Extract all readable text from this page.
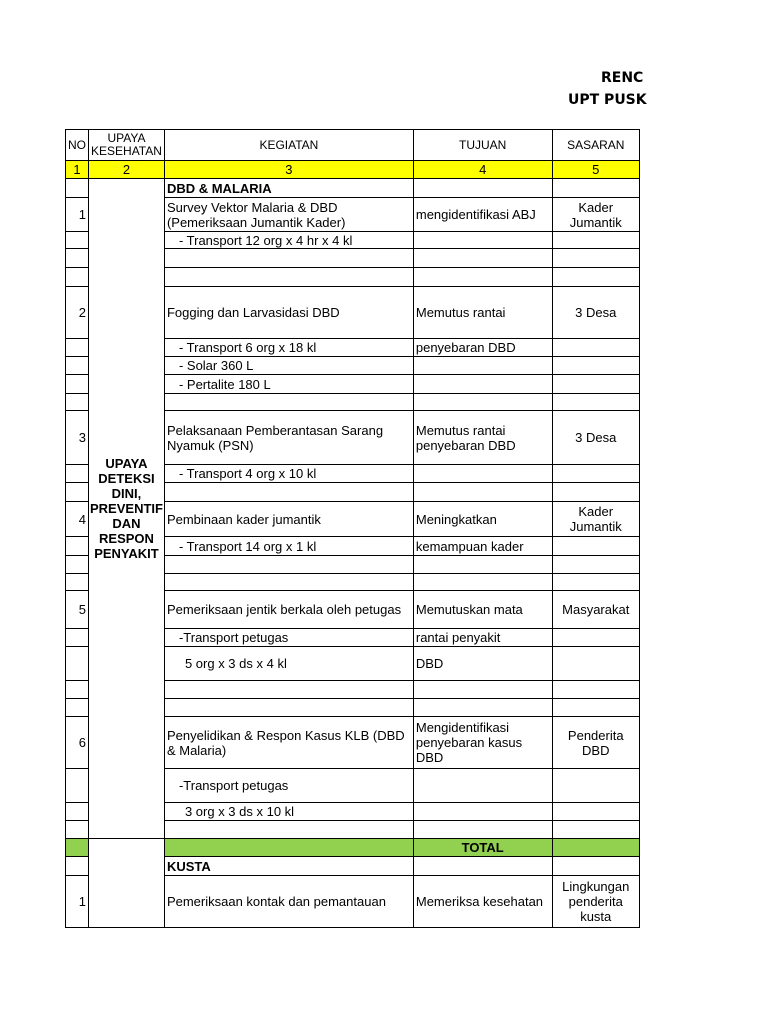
RENC
UPT PUSK
NO	UPAYA KESEHATAN	KEGIATAN	TUJUAN	SASARAN
1	2	3	4	5
	UPAYA DETEKSI DINI, PREVENTIF DAN RESPON PENYAKIT	DBD & MALARIA		
1		Survey Vektor Malaria & DBD (Pemeriksaan Jumantik Kader)	mengidentifikasi ABJ	Kader Jumantik
		- Transport 12 org x 4 hr x 4 kl		

2		Fogging dan Larvasidasi DBD	Memutus rantai	3 Desa
		- Transport 6 org x 18 kl	penyebaran DBD	
		- Solar 360 L		
		- Pertalite 180 L		

3		Pelaksanaan Pemberantasan Sarang Nyamuk (PSN)	Memutus rantai penyebaran DBD	3 Desa
		- Transport 4 org x 10 kl		

4		Pembinaan kader jumantik	Meningkatkan	Kader Jumantik
		- Transport 14 org x 1 kl	kemampuan kader	

5		Pemeriksaan jentik berkala oleh petugas	Memutuskan mata	Masyarakat
		-Transport petugas	rantai penyakit	
		5 org x 3 ds x 4 kl	DBD	

6		Penyelidikan & Respon Kasus KLB (DBD & Malaria)	Mengidentifikasi penyebaran kasus DBD	Penderita DBD
		-Transport petugas		
		3 org x 3 ds x 10 kl		

			TOTAL	
		KUSTA		
1		Pemeriksaan kontak dan pemantauan	Memeriksa kesehatan	Lingkungan penderita kusta
